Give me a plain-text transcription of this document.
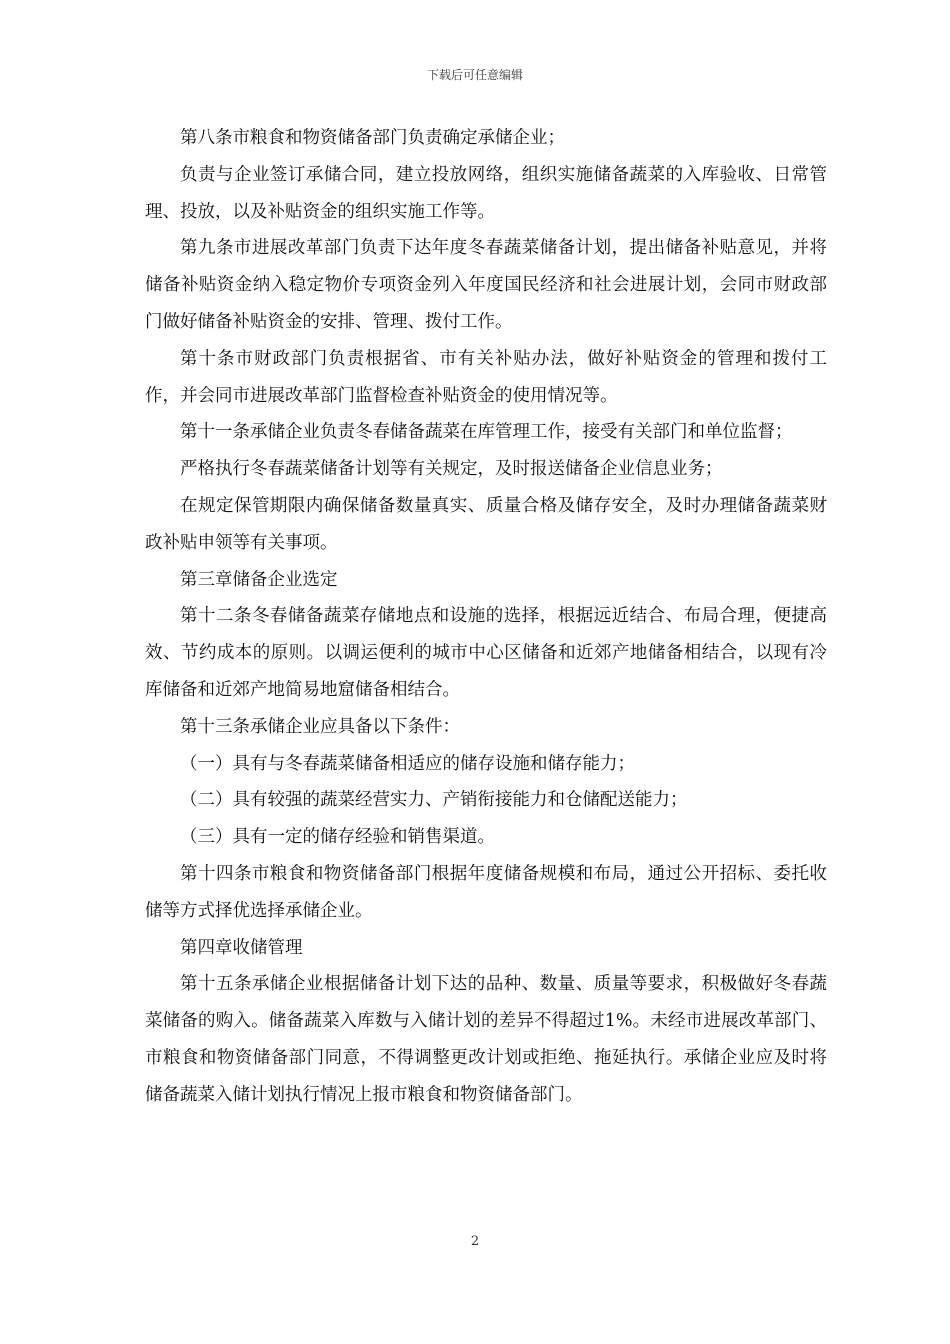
下载后可任意编辑

第八条市粮食和物资储备部门负责确定承储企业；

负责与企业签订承储合同，建立投放网络，组织实施储备蔬菜的入库验收、日常管理、投放，以及补贴资金的组织实施工作等。

第九条市进展改革部门负责下达年度冬春蔬菜储备计划，提出储备补贴意见，并将储备补贴资金纳入稳定物价专项资金列入年度国民经济和社会进展计划，会同市财政部门做好储备补贴资金的安排、管理、拨付工作。

第十条市财政部门负责根据省、市有关补贴办法，做好补贴资金的管理和拨付工作，并会同市进展改革部门监督检查补贴资金的使用情况等。

第十一条承储企业负责冬春储备蔬菜在库管理工作，接受有关部门和单位监督；

严格执行冬春蔬菜储备计划等有关规定，及时报送储备企业信息业务；

在规定保管期限内确保储备数量真实、质量合格及储存安全，及时办理储备蔬菜财政补贴申领等有关事项。

第三章储备企业选定

第十二条冬春储备蔬菜存储地点和设施的选择，根据远近结合、布局合理，便捷高效、节约成本的原则。以调运便利的城市中心区储备和近郊产地储备相结合，以现有冷库储备和近郊产地简易地窟储备相结合。

第十三条承储企业应具备以下条件：

（一）具有与冬春蔬菜储备相适应的储存设施和储存能力；

（二）具有较强的蔬菜经营实力、产销衔接能力和仓储配送能力；

（三）具有一定的储存经验和销售渠道。

第十四条市粮食和物资储备部门根据年度储备规模和布局，通过公开招标、委托收储等方式择优选择承储企业。

第四章收储管理

第十五条承储企业根据储备计划下达的品种、数量、质量等要求，积极做好冬春蔬菜储备的购入。储备蔬菜入库数与入储计划的差异不得超过1%。未经市进展改革部门、市粮食和物资储备部门同意，不得调整更改计划或拒绝、拖延执行。承储企业应及时将储备蔬菜入储计划执行情况上报市粮食和物资储备部门。

2
